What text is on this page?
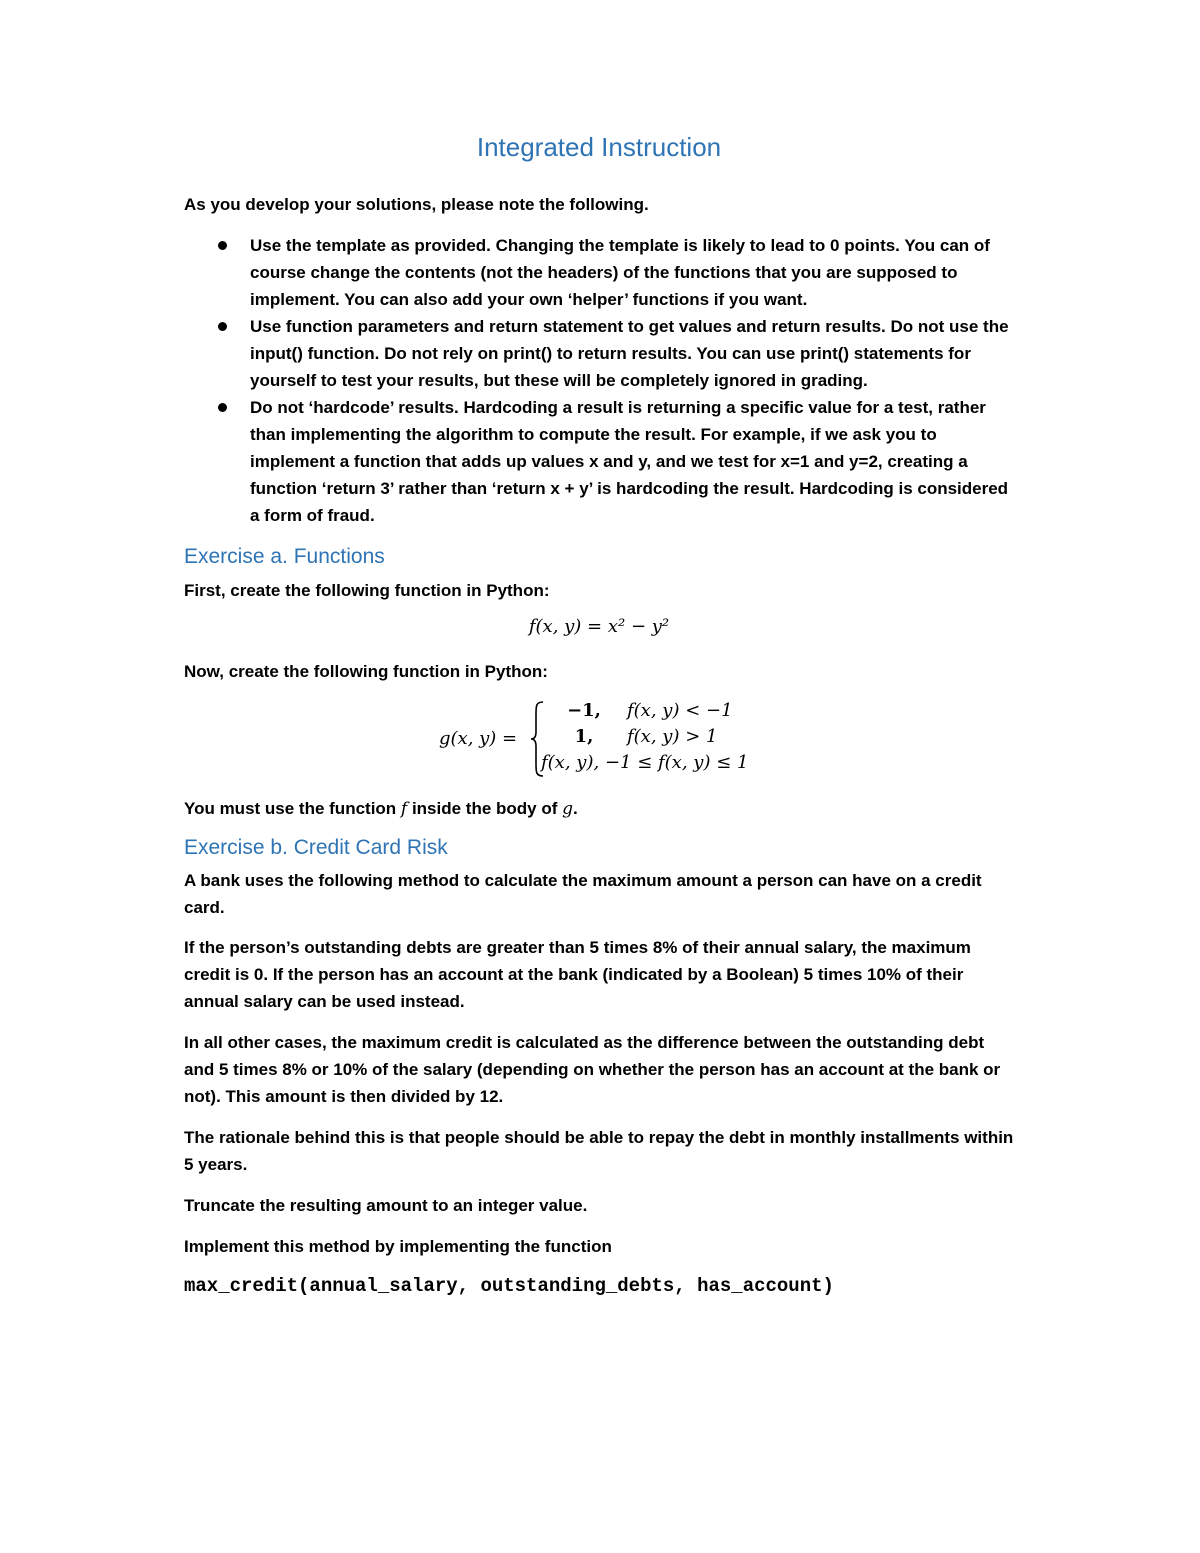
Integrated Instruction

As you develop your solutions, please note the following.

Use the template as provided. Changing the template is likely to lead to 0 points. You can of course change the contents (not the headers) of the functions that you are supposed to implement. You can also add your own ‘helper’ functions if you want.
Use function parameters and return statement to get values and return results. Do not use the input() function. Do not rely on print() to return results. You can use print() statements for yourself to test your results, but these will be completely ignored in grading.
Do not ‘hardcode’ results. Hardcoding a result is returning a specific value for a test, rather than implementing the algorithm to compute the result. For example, if we ask you to implement a function that adds up values x and y, and we test for x=1 and y=2, creating a function ‘return 3’ rather than ‘return x + y’ is hardcoding the result. Hardcoding is considered a form of fraud.
Exercise a. Functions

First, create the following function in Python:

f(x, y) = x² − y²

Now, create the following function in Python:

g(x, y) =
−1, f(x, y) < −1
1, f(x, y) > 1
f(x, y), −1 ≤ f(x, y) ≤ 1

You must use the function f inside the body of g.

Exercise b. Credit Card Risk

A bank uses the following method to calculate the maximum amount a person can have on a credit card.

If the person’s outstanding debts are greater than 5 times 8% of their annual salary, the maximum credit is 0. If the person has an account at the bank (indicated by a Boolean) 5 times 10% of their annual salary can be used instead.

In all other cases, the maximum credit is calculated as the difference between the outstanding debt and 5 times 8% or 10% of the salary (depending on whether the person has an account at the bank or not). This amount is then divided by 12.

The rationale behind this is that people should be able to repay the debt in monthly installments within 5 years.

Truncate the resulting amount to an integer value.

Implement this method by implementing the function

max_credit(annual_salary, outstanding_debts, has_account)
